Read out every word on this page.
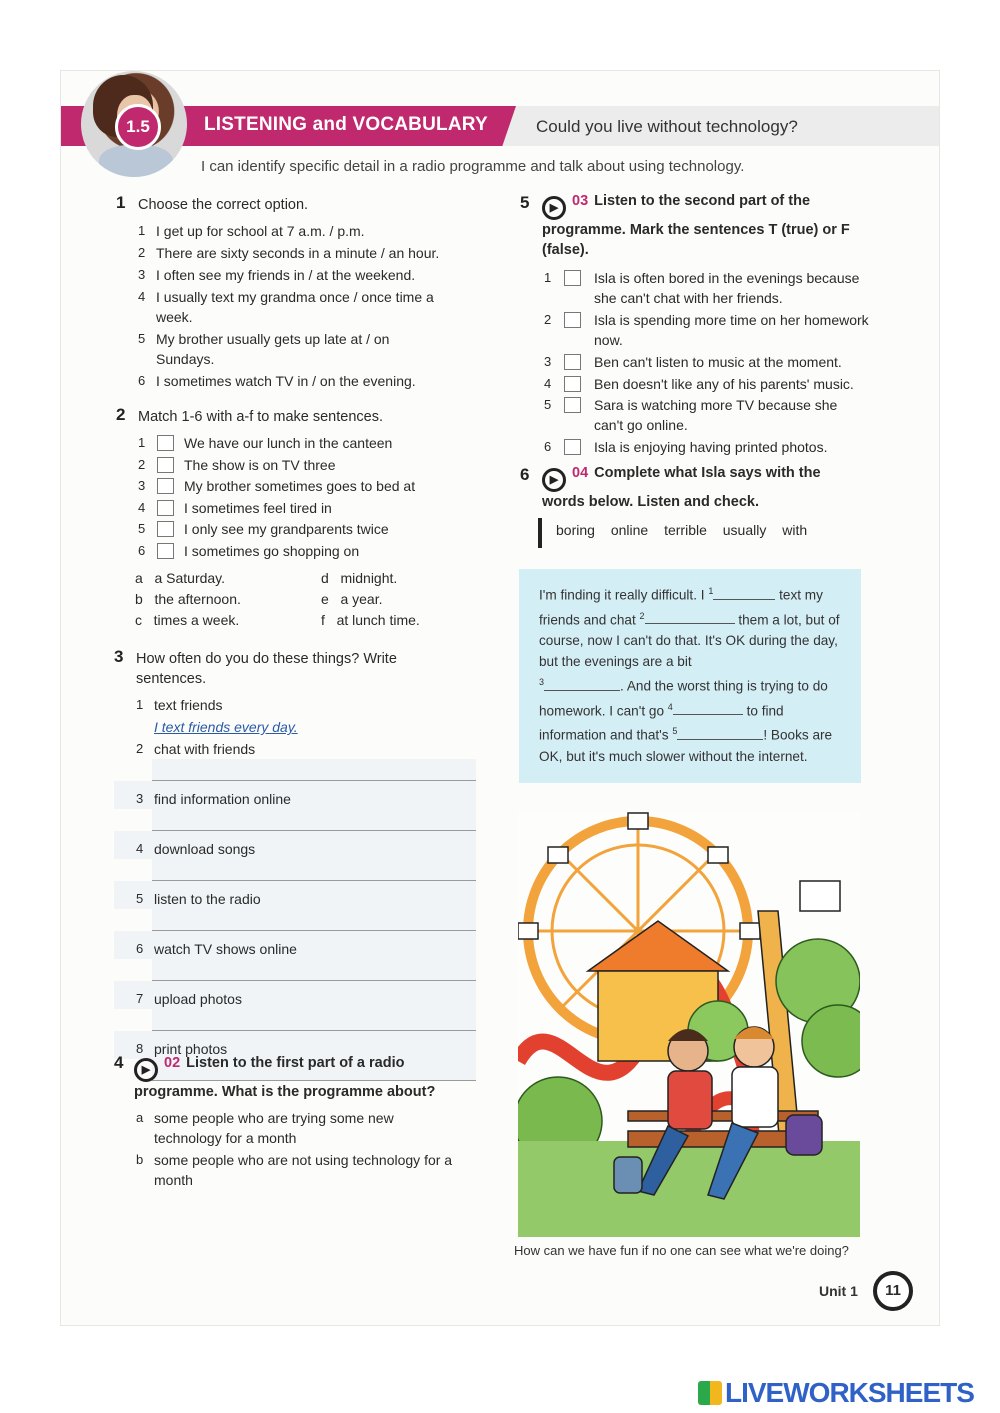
1.5	LISTENING and VOCABULARY	Could you live without technology?
I can identify specific detail in a radio programme and talk about using technology.
1 Choose the correct option.
1 I get up for school at 7 a.m. / p.m.
2 There are sixty seconds in a minute / an hour.
3 I often see my friends in / at the weekend.
4 I usually text my grandma once / once time a week.
5 My brother usually gets up late at / on Sundays.
6 I sometimes watch TV in / on the evening.
2 Match 1-6 with a-f to make sentences.
1	We have our lunch in the canteen
2	The show is on TV three
3	My brother sometimes goes to bed at
4	I sometimes feel tired in
5	I only see my grandparents twice
6	I sometimes go shopping on
a a Saturday.	d midnight.
b the afternoon.	e a year.
c times a week.	f at lunch time.
3 How often do you do these things? Write sentences.
1 text friends
I text friends every day.
2 chat with friends
3 find information online
4 download songs
5 listen to the radio
6 watch TV shows online
7 upload photos
8 print photos
4	▶ 02 Listen to the first part of a radio programme. What is the programme about?
a some people who are trying some new technology for a month
b some people who are not using technology for a month
5	▶ 03 Listen to the second part of the programme. Mark the sentences T (true) or F (false).
1	Isla is often bored in the evenings because she can't chat with her friends.
2	Isla is spending more time on her homework now.
3	Ben can't listen to music at the moment.
4	Ben doesn't like any of his parents' music.
5	Sara is watching more TV because she can't go online.
6	Isla is enjoying having printed photos.
6	▶ 04 Complete what Isla says with the words below. Listen and check.
boring online terrible usually with
I'm finding it really difficult. I $^1$	text my friends and chat $^2$	them a lot, but of course, now I can't do that. It's OK during the day, but the evenings are a bit
$^3$	. And the worst thing is trying to do homework. I can't go $^4$	to find information and that's $^5$	! Books are OK, but it's much slower without the internet.
How can we have fun if no one can see what we're doing?
Unit 1	11
LIVEWORKSHEETS
